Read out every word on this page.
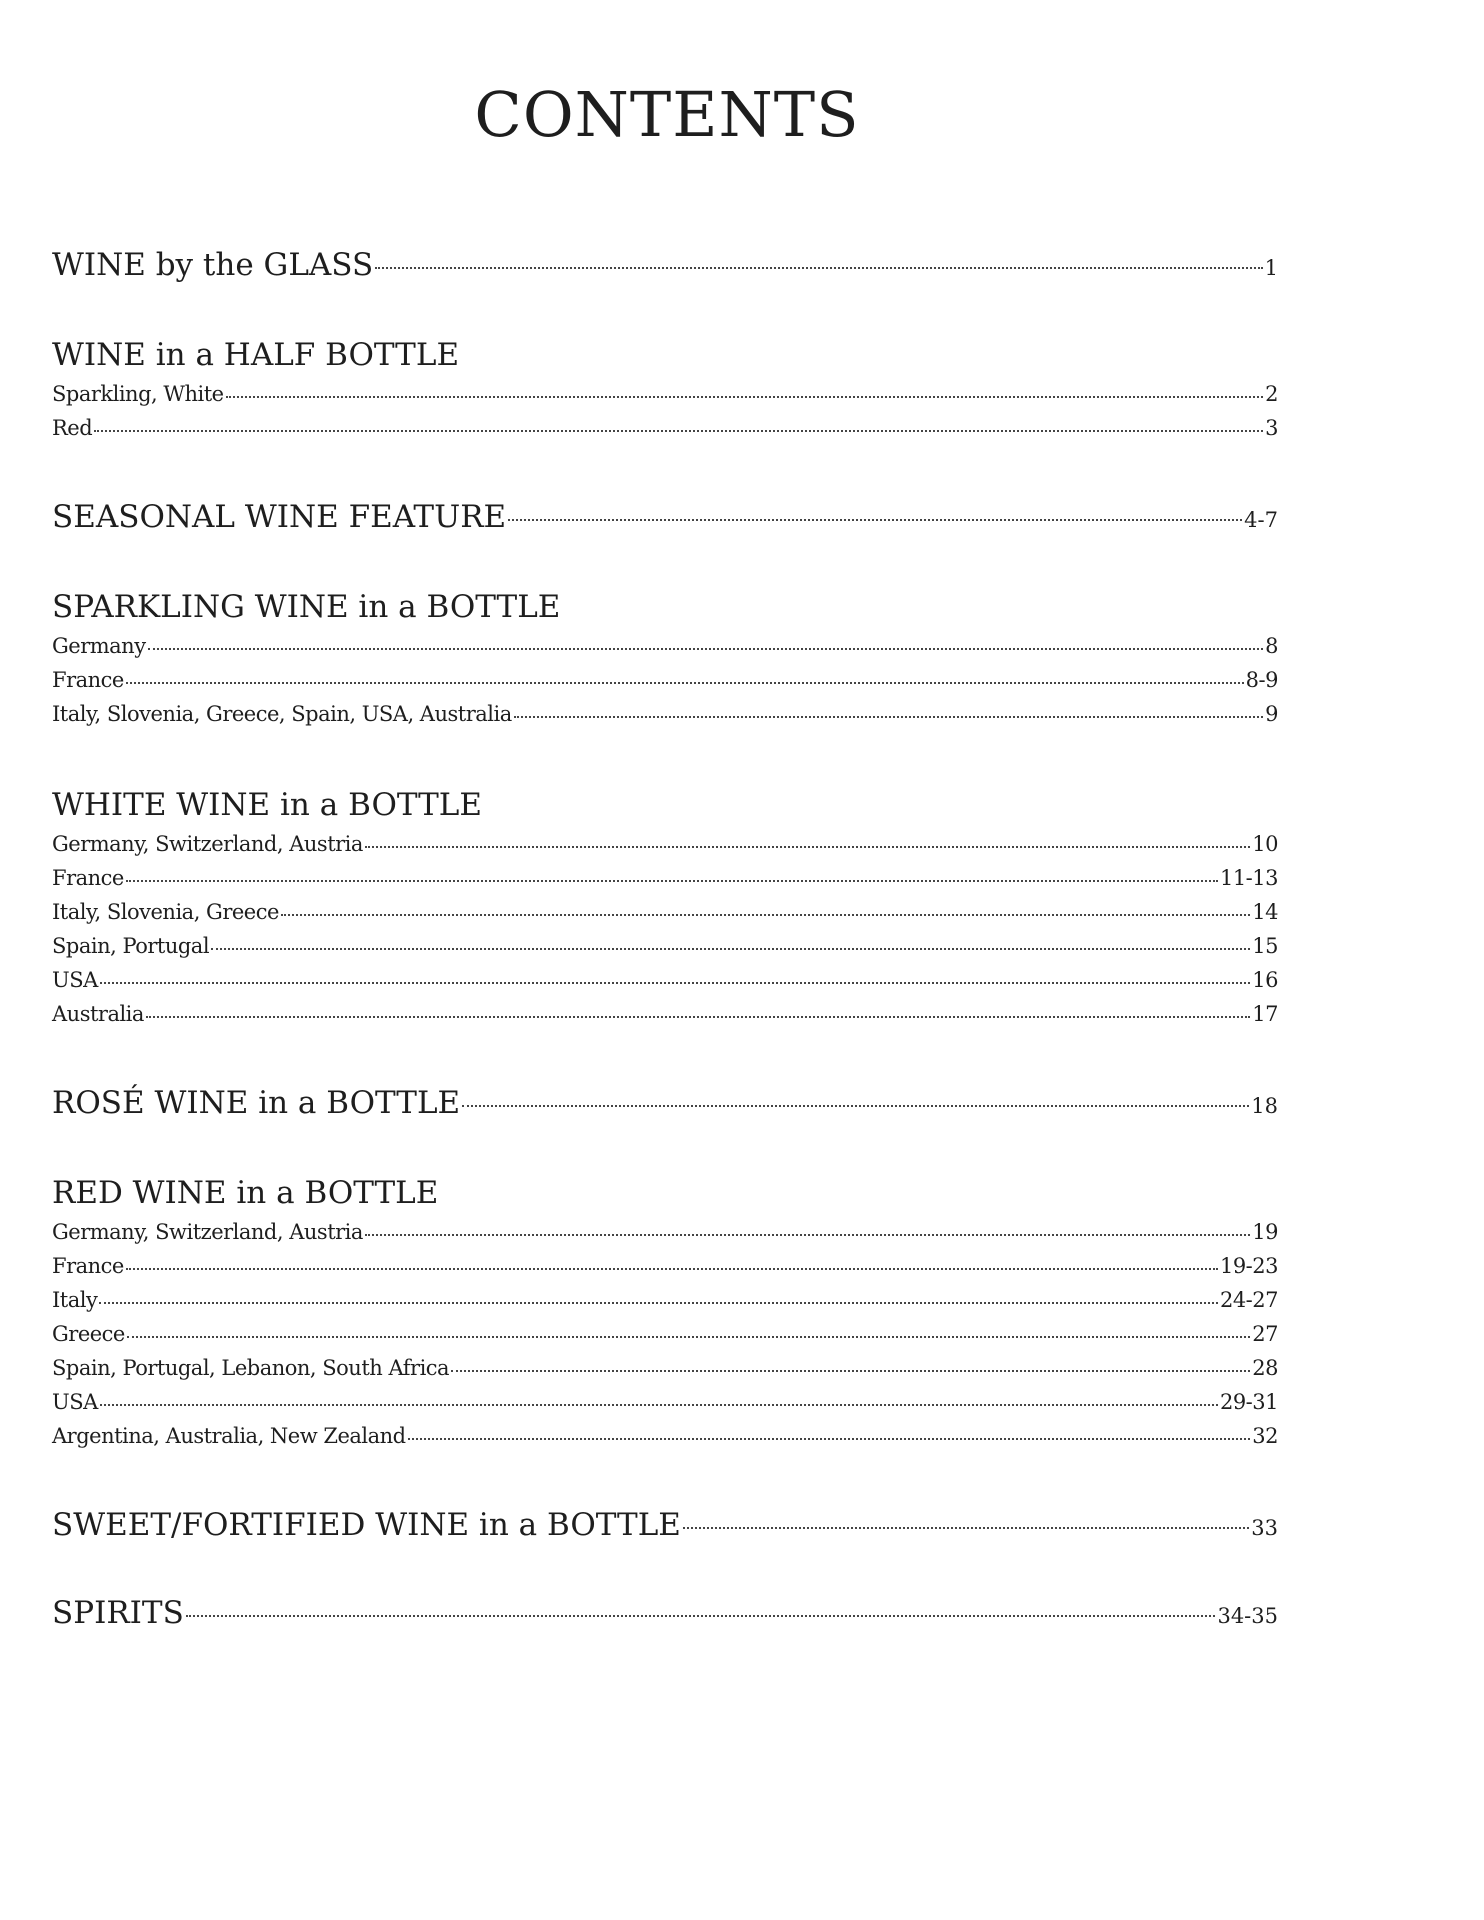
CONTENTS
WINE by the GLASS	1
WINE in a HALF BOTTLE
Sparkling, White	2
Red	3
SEASONAL WINE FEATURE	4-7
SPARKLING WINE in a BOTTLE
Germany	8
France	8-9
Italy, Slovenia, Greece, Spain, USA, Australia	9
WHITE WINE in a BOTTLE
Germany, Switzerland, Austria	10
France	11-13
Italy, Slovenia, Greece	14
Spain, Portugal	15
USA	16
Australia	17
ROSÉ WINE in a BOTTLE	18
RED WINE in a BOTTLE
Germany, Switzerland, Austria	19
France	19-23
Italy	24-27
Greece	27
Spain, Portugal, Lebanon, South Africa	28
USA	29-31
Argentina, Australia, New Zealand	32
SWEET/FORTIFIED WINE in a BOTTLE	33
SPIRITS	34-35
